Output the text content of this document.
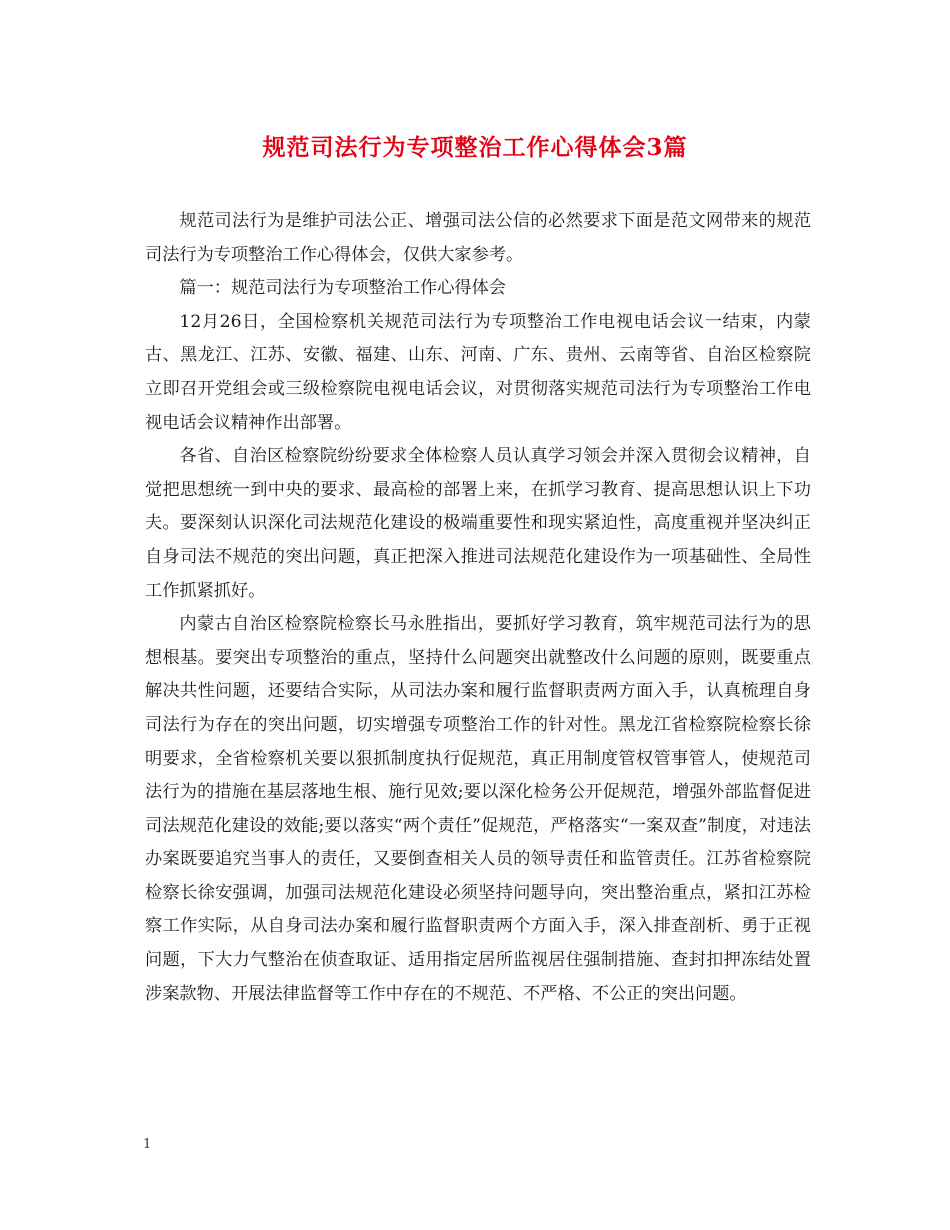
规范司法行为专项整治工作心得体会3篇

规范司法行为是维护司法公正、增强司法公信的必然要求下面是范文网带来的规范司法行为专项整治工作心得体会，仅供大家参考。

篇一：规范司法行为专项整治工作心得体会

12月26日，全国检察机关规范司法行为专项整治工作电视电话会议一结束，内蒙古、黑龙江、江苏、安徽、福建、山东、河南、广东、贵州、云南等省、自治区检察院立即召开党组会或三级检察院电视电话会议，对贯彻落实规范司法行为专项整治工作电视电话会议精神作出部署。

各省、自治区检察院纷纷要求全体检察人员认真学习领会并深入贯彻会议精神，自觉把思想统一到中央的要求、最高检的部署上来，在抓学习教育、提高思想认识上下功夫。要深刻认识深化司法规范化建设的极端重要性和现实紧迫性，高度重视并坚决纠正自身司法不规范的突出问题，真正把深入推进司法规范化建设作为一项基础性、全局性工作抓紧抓好。

内蒙古自治区检察院检察长马永胜指出，要抓好学习教育，筑牢规范司法行为的思想根基。要突出专项整治的重点，坚持什么问题突出就整改什么问题的原则，既要重点解决共性问题，还要结合实际，从司法办案和履行监督职责两方面入手，认真梳理自身司法行为存在的突出问题，切实增强专项整治工作的针对性。黑龙江省检察院检察长徐明要求，全省检察机关要以狠抓制度执行促规范，真正用制度管权管事管人，使规范司法行为的措施在基层落地生根、施行见效;要以深化检务公开促规范，增强外部监督促进司法规范化建设的效能;要以落实“两个责任”促规范，严格落实“一案双查”制度，对违法办案既要追究当事人的责任，又要倒查相关人员的领导责任和监管责任。江苏省检察院检察长徐安强调，加强司法规范化建设必须坚持问题导向，突出整治重点，紧扣江苏检察工作实际，从自身司法办案和履行监督职责两个方面入手，深入排查剖析、勇于正视问题，下大力气整治在侦查取证、适用指定居所监视居住强制措施、查封扣押冻结处置涉案款物、开展法律监督等工作中存在的不规范、不严格、不公正的突出问题。

1
